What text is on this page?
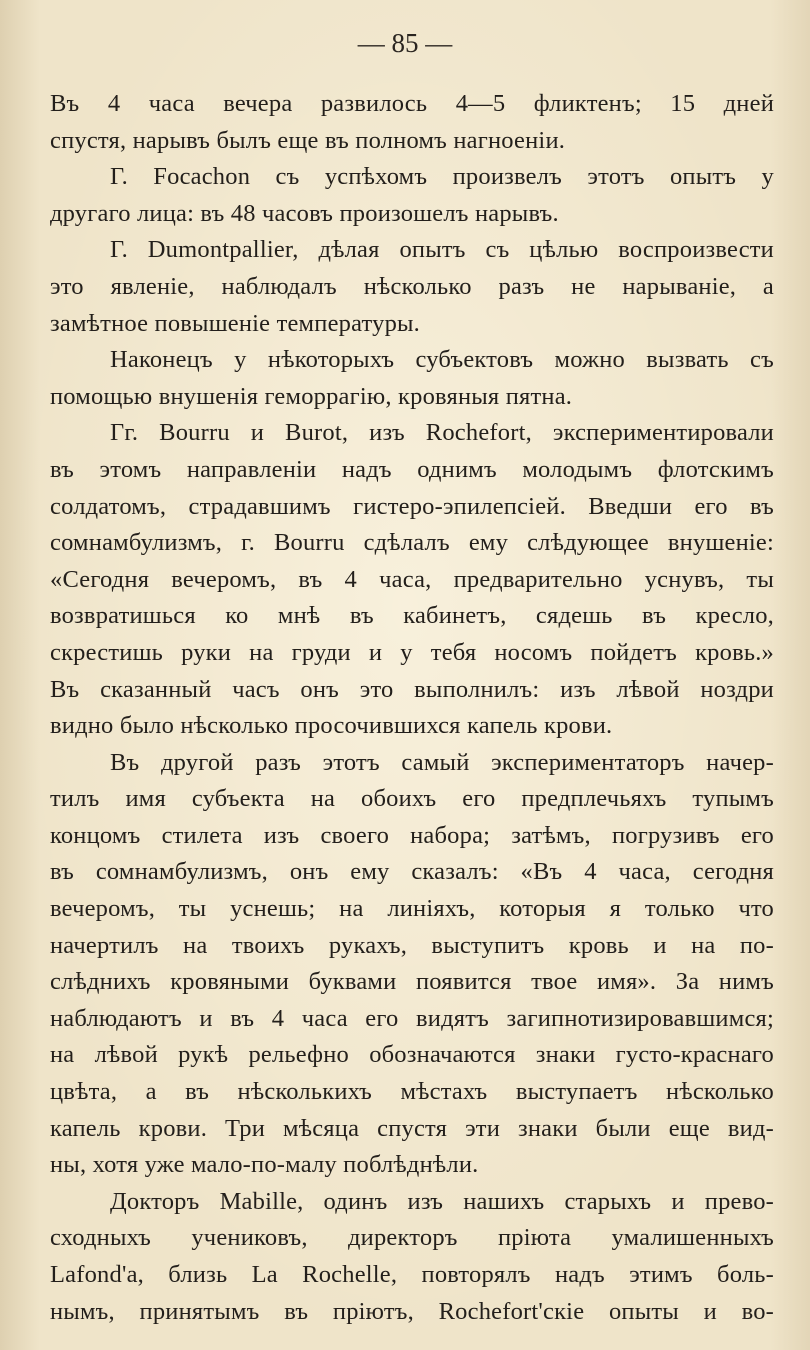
— 85 —
Въ 4 часа вечера развилось 4—5 фликтенъ; 15 дней
спустя, нарывъ былъ еще въ полномъ нагноеніи.
Г. Focachon съ успѣхомъ произвелъ этотъ опытъ у
другаго лица: въ 48 часовъ произошелъ нарывъ.
Г. Dumontpallier, дѣлая опытъ съ цѣлью воспроизвести
это явленіе, наблюдалъ нѣсколько разъ не нарываніе, а
замѣтное повышеніе температуры.
Наконецъ у нѣкоторыхъ субъектовъ можно вызвать съ
помощью внушенія геморрагію, кровяныя пятна.
Гг. Bourru и Burot, изъ Rochefort, экспериментировали
въ этомъ направленіи надъ однимъ молодымъ флотскимъ
солдатомъ, страдавшимъ гистеро-эпилепсіей. Введши его въ
сомнамбулизмъ, г. Bourru сдѣлалъ ему слѣдующее внушеніе:
«Сегодня вечеромъ, въ 4 часа, предварительно уснувъ, ты
возвратишься ко мнѣ въ кабинетъ, сядешь въ кресло,
скрестишь руки на груди и у тебя носомъ пойдетъ кровь.»
Въ сказанный часъ онъ это выполнилъ: изъ лѣвой ноздри
видно было нѣсколько просочившихся капель крови.
Въ другой разъ этотъ самый экспериментаторъ начер-
тилъ имя субъекта на обоихъ его предплечьяхъ тупымъ
концомъ стилета изъ своего набора; затѣмъ, погрузивъ его
въ сомнамбулизмъ, онъ ему сказалъ: «Въ 4 часа, сегодня
вечеромъ, ты уснешь; на линіяхъ, которыя я только что
начертилъ на твоихъ рукахъ, выступитъ кровь и на по-
слѣднихъ кровяными буквами появится твое имя». За нимъ
наблюдаютъ и въ 4 часа его видятъ загипнотизировавшимся;
на лѣвой рукѣ рельефно обозначаются знаки густо-краснаго
цвѣта, а въ нѣсколькихъ мѣстахъ выступаетъ нѣсколько
капель крови. Три мѣсяца спустя эти знаки были еще вид-
ны, хотя уже мало-по-малу поблѣднѣли.
Докторъ Mabille, одинъ изъ нашихъ старыхъ и прево-
сходныхъ учениковъ, директоръ пріюта умалишенныхъ
Lafond'a, близь La Rochelle, повторялъ надъ этимъ боль-
нымъ, принятымъ въ пріютъ, Rochefort'скіе опыты и во-
